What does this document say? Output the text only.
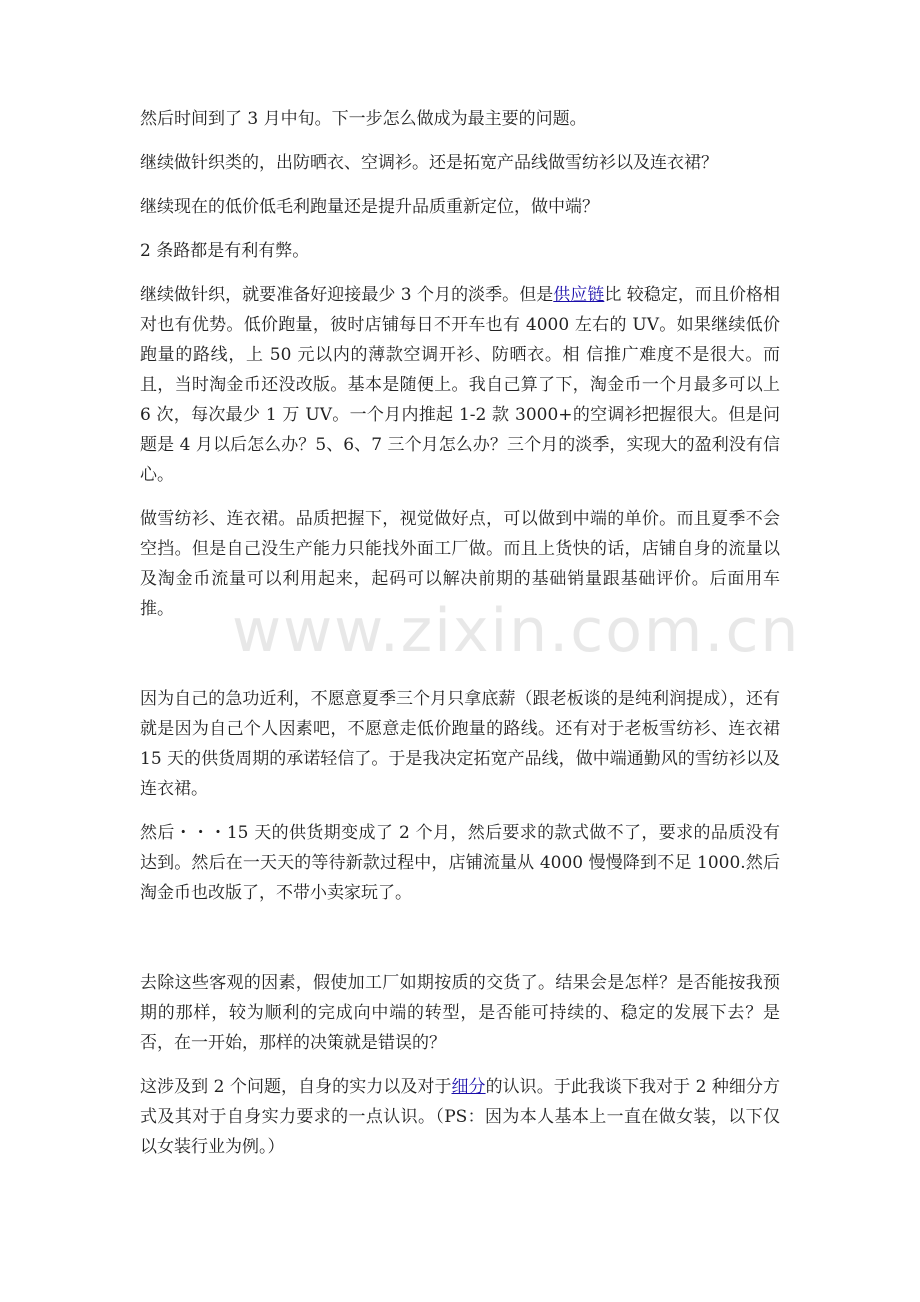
www.zixin.com.cn

然后时间到了 3 月中旬。下一步怎么做成为最主要的问题。

继续做针织类的，出防晒衣、空调衫。还是拓宽产品线做雪纺衫以及连衣裙？

继续现在的低价低毛利跑量还是提升品质重新定位，做中端？

2 条路都是有利有弊。

继续做针织，就要准备好迎接最少 3 个月的淡季。但是供应链比 较稳定，而且价格相对也有优势。低价跑量，彼时店铺每日不开车也有 4000 左右的 UV。如果继续低价跑量的路线，上 50 元以内的薄款空调开衫、防晒衣。相 信推广难度不是很大。而且，当时淘金币还没改版。基本是随便上。我自己算了下，淘金币一个月最多可以上 6 次，每次最少 1 万 UV。一个月内推起 1-2 款 3000+的空调衫把握很大。但是问题是 4 月以后怎么办？5、6、7 三个月怎么办？三个月的淡季，实现大的盈利没有信心。

做雪纺衫、连衣裙。品质把握下，视觉做好点，可以做到中端的单价。而且夏季不会空挡。但是自己没生产能力只能找外面工厂做。而且上货快的话，店铺自身的流量以及淘金币流量可以利用起来，起码可以解决前期的基础销量跟基础评价。后面用车推。

因为自己的急功近利，不愿意夏季三个月只拿底薪（跟老板谈的是纯利润提成），还有就是因为自己个人因素吧，不愿意走低价跑量的路线。还有对于老板雪纺衫、连衣裙 15 天的供货周期的承诺轻信了。于是我决定拓宽产品线，做中端通勤风的雪纺衫以及连衣裙。

然后・・・15 天的供货期变成了 2 个月，然后要求的款式做不了，要求的品质没有达到。然后在一天天的等待新款过程中，店铺流量从 4000 慢慢降到不足 1000.然后淘金币也改版了，不带小卖家玩了。

去除这些客观的因素，假使加工厂如期按质的交货了。结果会是怎样？是否能按我预期的那样，较为顺利的完成向中端的转型，是否能可持续的、稳定的发展下去？是否，在一开始，那样的决策就是错误的？

这涉及到 2 个问题，自身的实力以及对于细分的认识。于此我谈下我对于 2 种细分方式及其对于自身实力要求的一点认识。（PS：因为本人基本上一直在做女装，以下仅以女装行业为例。）
